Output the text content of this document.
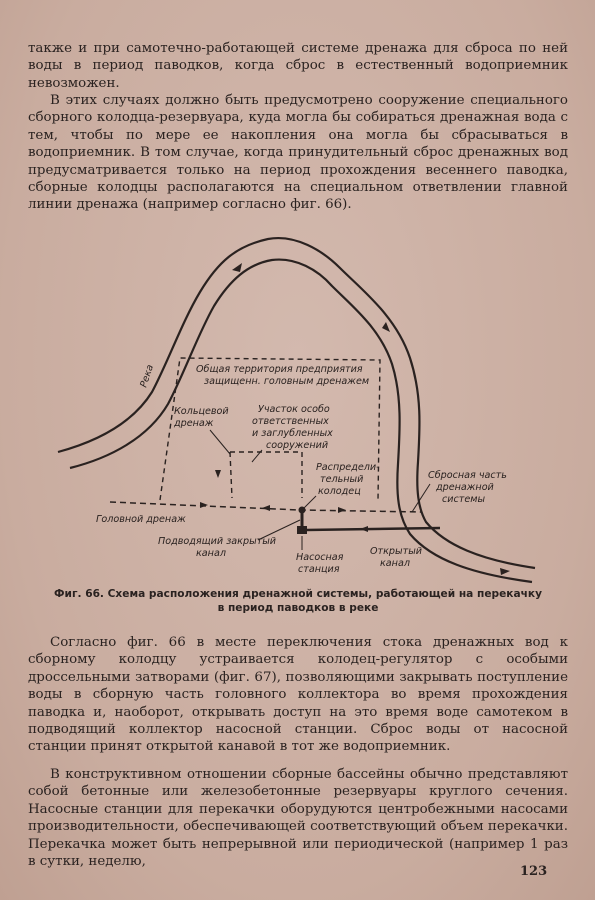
также и при самотечно-работающей системе дренажа для сброса по ней воды в период паводков, когда сброс в естественный водоприемник невозможен.

В этих случаях должно быть предусмотрено сооружение специального сборного колодца-резервуара, куда могла бы собираться дренажная вода с тем, чтобы по мере ее накопления она могла бы сбрасываться в водоприемник. В том случае, когда принудительный сброс дренажных вод предусматривается только на период прохождения весеннего паводка, сборные колодцы располагаются на специальном ответвлении главной линии дренажа (например согласно фиг. 66).

Река	Общая территория предприятия
защищенн. головным дренажем
Кольцевой
дренаж
Участок особо
ответственных
и заглубленных
сооружений
Головной дренаж
Распредели-
тельный
колодец
Подводящий закрытый
канал	Насосная
станция
Открытый
канал
Сбросная часть
дренажной
системы

Фиг. 66. Схема расположения дренажной системы, работающей на перекачку
в период паводков в реке

Согласно фиг. 66 в месте переключения стока дренажных вод к сборному колодцу устраивается колодец-регулятор с особыми дроссельными затворами (фиг. 67), позволяющими закрывать поступление воды в сборную часть головного коллектора во время прохождения паводка и, наоборот, открывать доступ на это время воде самотеком в подводящий коллектор насосной станции. Сброс воды от насосной станции принят открытой канавой в тот же водоприемник.

В конструктивном отношении сборные бассейны обычно представляют собой бетонные или железобетонные резервуары круглого сечения. Насосные станции для перекачки оборудуются центробежными насосами производительности, обеспечивающей соответствующий объем перекачки. Перекачка может быть непрерывной или периодической (например 1 раз в сутки, неделю,

123
